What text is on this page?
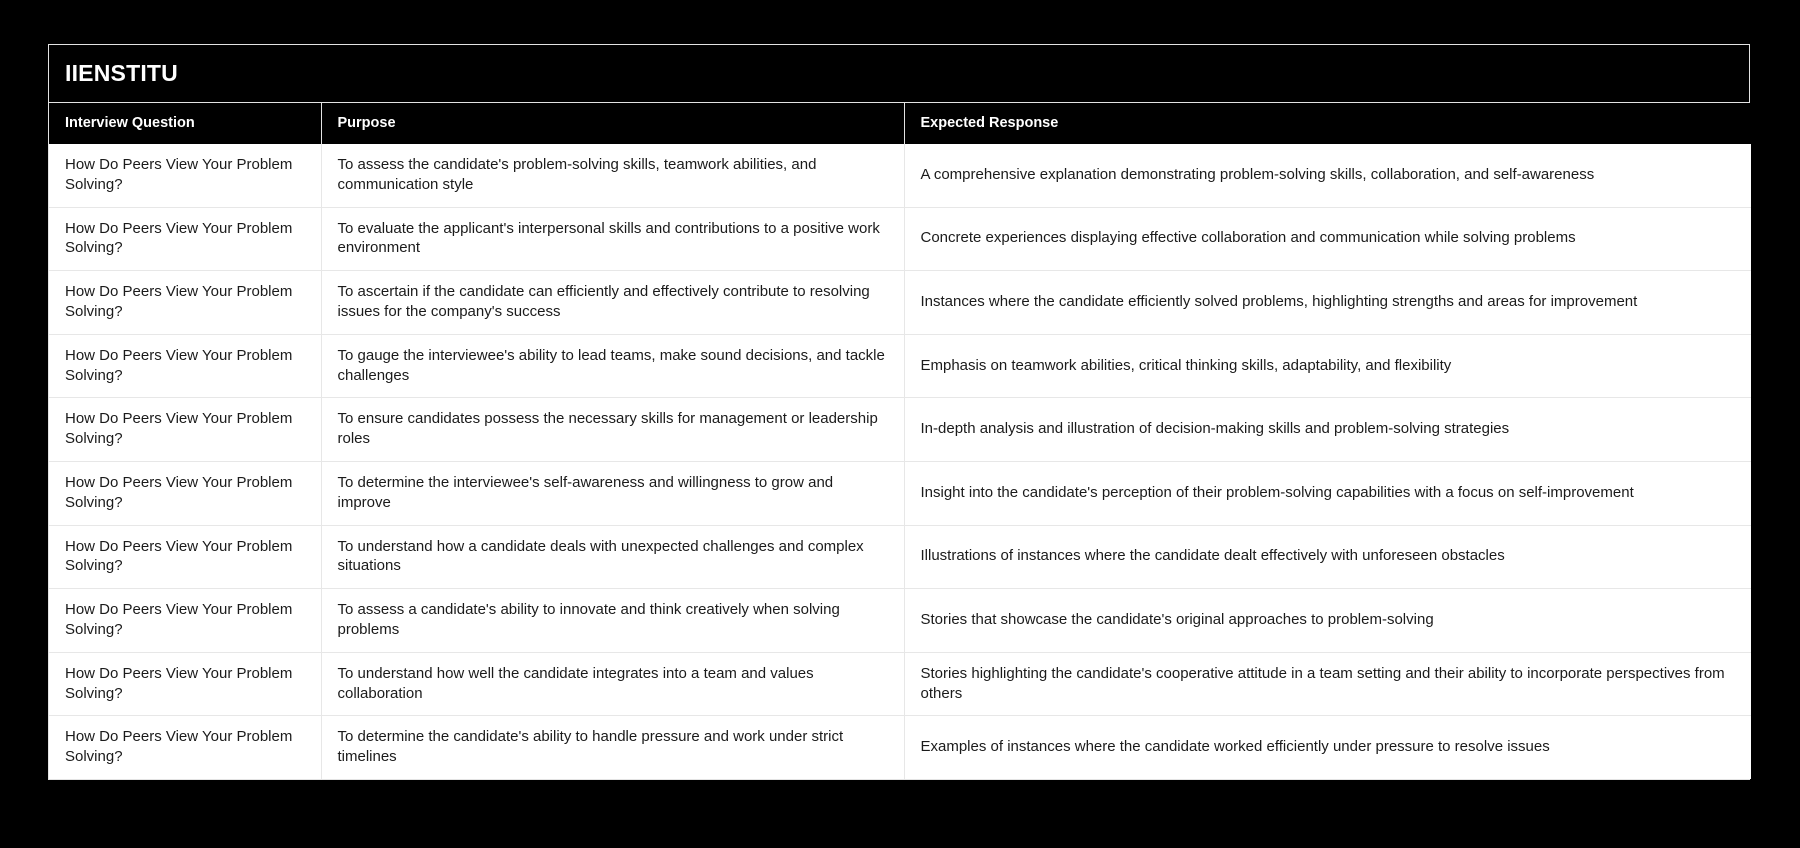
IIENSTITU
Interview Question	Purpose	Expected Response
How Do Peers View Your Problem Solving?	To assess the candidate's problem-solving skills, teamwork abilities, and communication style	A comprehensive explanation demonstrating problem-solving skills, collaboration, and self-awareness
How Do Peers View Your Problem Solving?	To evaluate the applicant's interpersonal skills and contributions to a positive work environment	Concrete experiences displaying effective collaboration and communication while solving problems
How Do Peers View Your Problem Solving?	To ascertain if the candidate can efficiently and effectively contribute to resolving issues for the company's success	Instances where the candidate efficiently solved problems, highlighting strengths and areas for improvement
How Do Peers View Your Problem Solving?	To gauge the interviewee's ability to lead teams, make sound decisions, and tackle challenges	Emphasis on teamwork abilities, critical thinking skills, adaptability, and flexibility
How Do Peers View Your Problem Solving?	To ensure candidates possess the necessary skills for management or leadership roles	In-depth analysis and illustration of decision-making skills and problem-solving strategies
How Do Peers View Your Problem Solving?	To determine the interviewee's self-awareness and willingness to grow and improve	Insight into the candidate's perception of their problem-solving capabilities with a focus on self-improvement
How Do Peers View Your Problem Solving?	To understand how a candidate deals with unexpected challenges and complex situations	Illustrations of instances where the candidate dealt effectively with unforeseen obstacles
How Do Peers View Your Problem Solving?	To assess a candidate's ability to innovate and think creatively when solving problems	Stories that showcase the candidate's original approaches to problem-solving
How Do Peers View Your Problem Solving?	To understand how well the candidate integrates into a team and values collaboration	Stories highlighting the candidate's cooperative attitude in a team setting and their ability to incorporate perspectives from others
How Do Peers View Your Problem Solving?	To determine the candidate's ability to handle pressure and work under strict timelines	Examples of instances where the candidate worked efficiently under pressure to resolve issues
